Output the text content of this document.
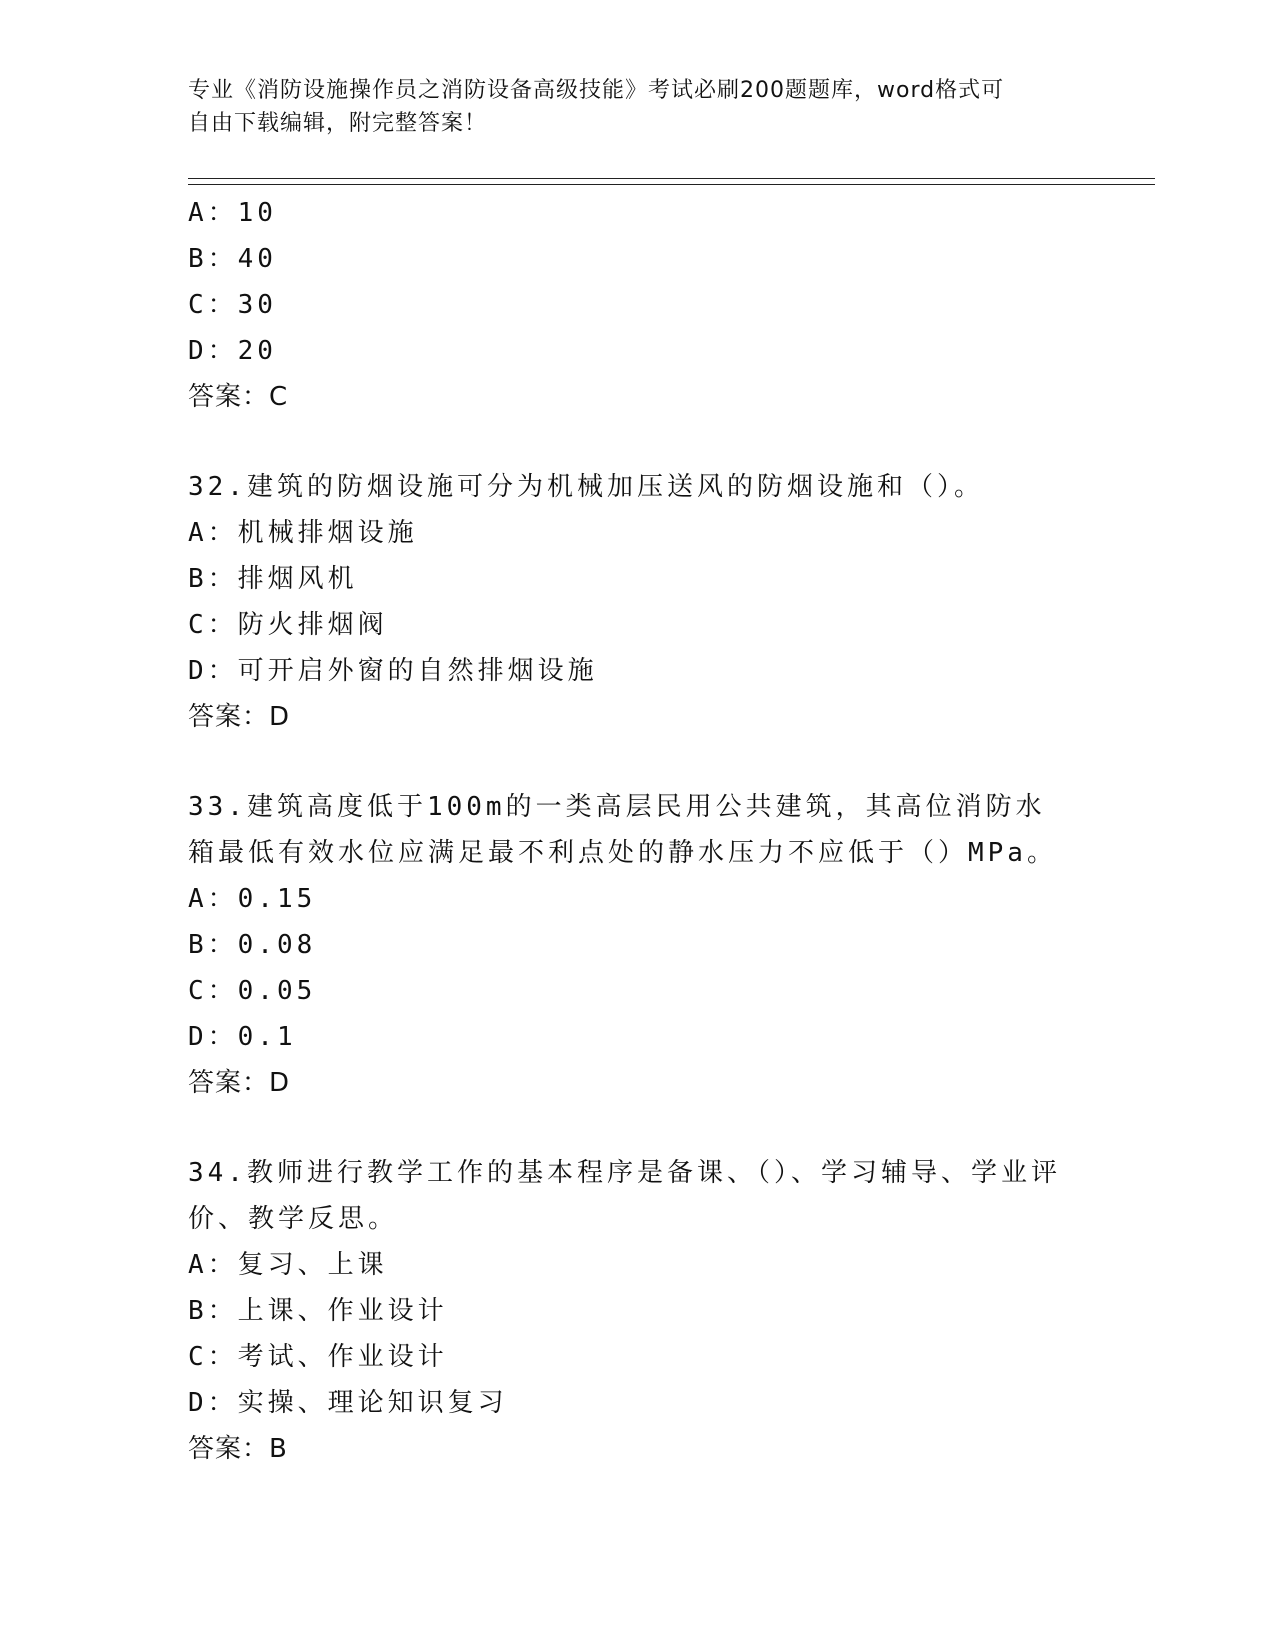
专业《消防设施操作员之消防设备高级技能》考试必刷200题题库，word格式可
自由下载编辑，附完整答案！
A：10
B：40
C：30
D：20
答案：C
32.建筑的防烟设施可分为机械加压送风的防烟设施和（）。
A：机械排烟设施
B：排烟风机
C：防火排烟阀
D：可开启外窗的自然排烟设施
答案：D
33.建筑高度低于100m的一类高层民用公共建筑，其高位消防水箱最低有效水位应满足最不利点处的静水压力不应低于（）MPa。
A：0.15
B：0.08
C：0.05
D：0.1
答案：D
34.教师进行教学工作的基本程序是备课、（）、学习辅导、学业评价、教学反思。
A：复习、上课
B：上课、作业设计
C：考试、作业设计
D：实操、理论知识复习
答案：B
